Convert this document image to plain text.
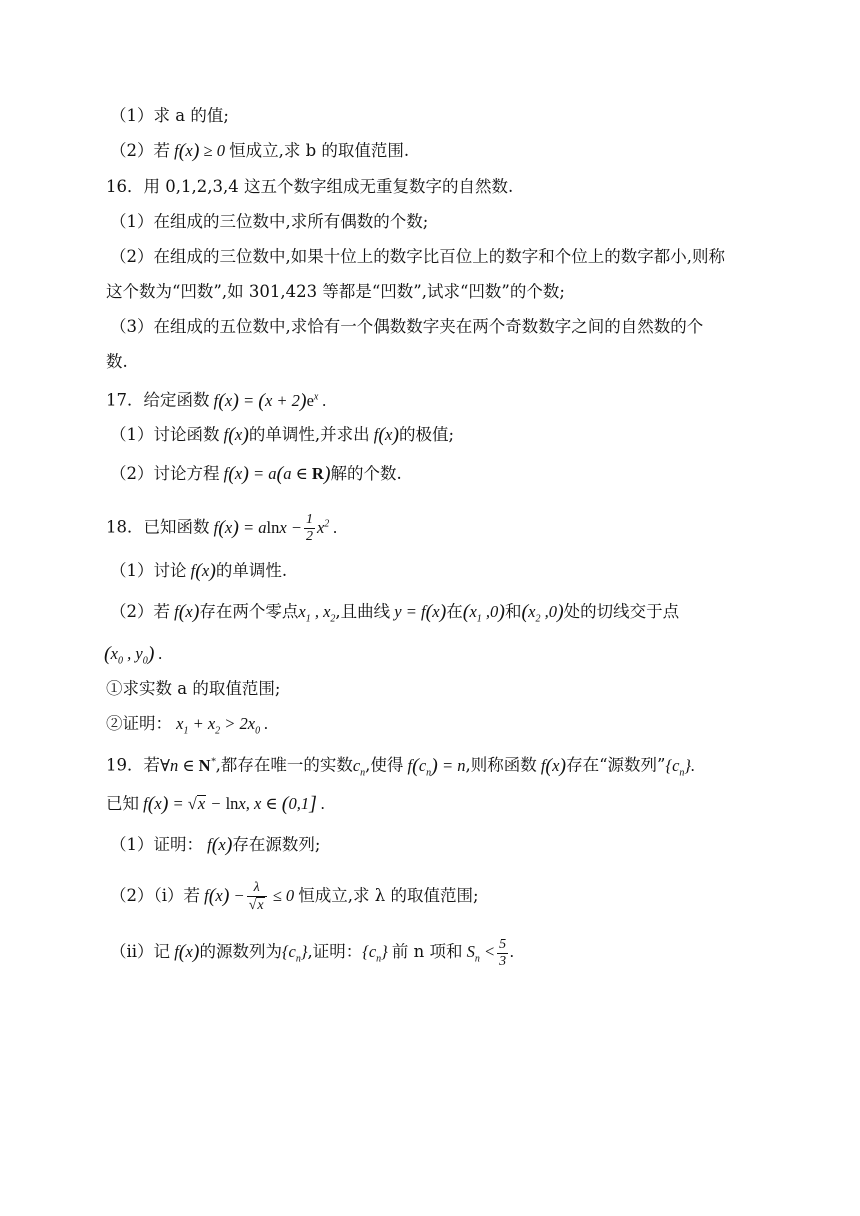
（1）求 a 的值;
（2）若 f(x) ≥ 0 恒成立,求 b 的取值范围.
16．用 0,1,2,3,4 这五个数字组成无重复数字的自然数.
（1）在组成的三位数中,求所有偶数的个数;
（2）在组成的三位数中,如果十位上的数字比百位上的数字和个位上的数字都小,则称
这个数为“凹数”,如 301,423 等都是“凹数”,试求“凹数”的个数;
（3）在组成的五位数中,求恰有一个偶数数字夹在两个奇数数字之间的自然数的个
数.
17．给定函数 $f(x) = (x + 2)e^x$ .
（1）讨论函数 f(x)的单调性,并求出 f(x)的极值;
（2）讨论方程 f(x) = a(a ∈ R)解的个数.
18．已知函数 $f(x) = alnx - \frac{1}{2} x^2$ .
（1）讨论 f(x)的单调性.
（2）若 f(x)存在两个零点$x_1$ , $x_2$,且曲线 y = f(x)在($x_1$ ,0)和($x_2$ ,0)处的切线交于点
($x_0$ , $y_0$) .
①求实数 a 的取值范围;
②证明： $x_1 + x_2 > 2x_0$ .
19．若∀n ∈ N*,都存在唯一的实数$c_n$,使得 $f(c_n) = n$,则称函数 f(x)存在“源数列$”\{c_n\}$.
已知 f(x) = √x − lnx, x ∈ (0,1] .
（1）证明： f(x)存在源数列;
（2）（ⅰ）若 $f(x) - \frac{\lambda}{√x} \le 0$ 恒成立,求 λ 的取值范围;
（ⅱ）记 f(x)的源数列为$\{c_n\}$,证明：$\{c_n\}$ 前 n 项和 $S_n < \frac{5}{3}$ .
